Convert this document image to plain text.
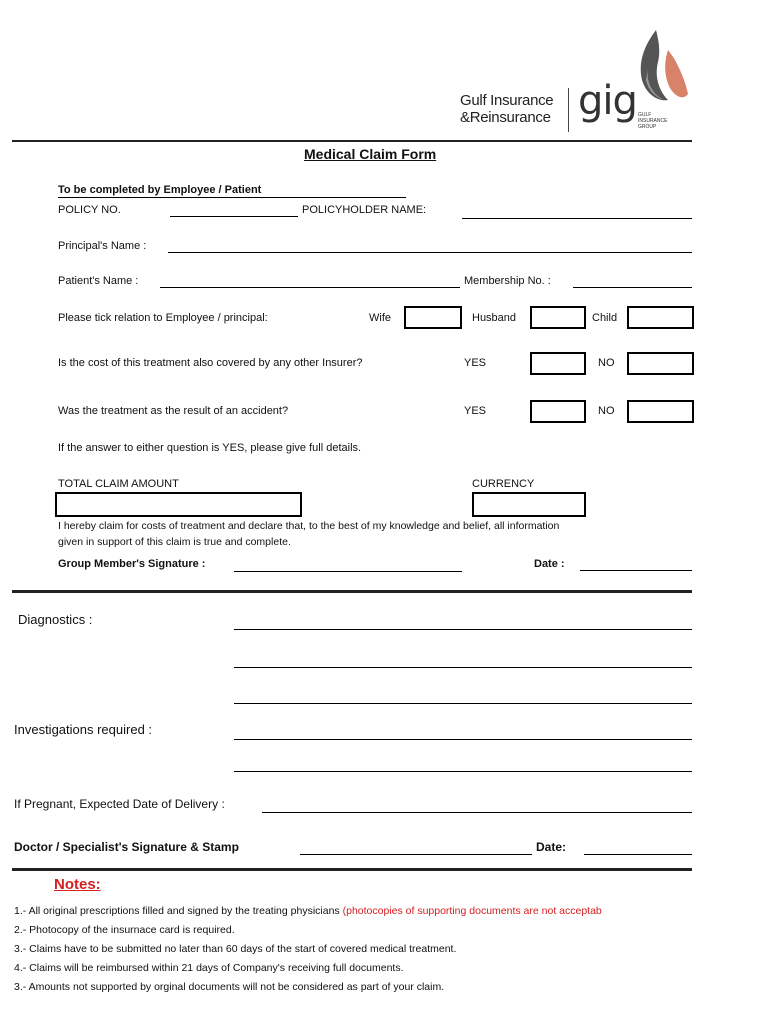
Gulf Insurance
&Reinsurance gig GULF
INSURANCE
GROUP
Medical Claim Form
To be completed by Employee / Patient
POLICY NO.	POLICYHOLDER NAME:
Principal's Name :
Patient's Name :	Membership No. :
Please tick relation to Employee / principal:	Wife	Husband	Child
Is the cost of this treatment also covered by any other Insurer?	YES	NO
Was the treatment as the result of an accident?	YES	NO
If the answer to either question is YES, please give full details.
TOTAL CLAIM AMOUNT	CURRENCY
I hereby claim for costs of treatment and declare that, to the best of my knowledge and belief, all information
given in support of this claim is true and complete.
Group Member's Signature :	Date :
Diagnostics :
Investigations required :
If Pregnant, Expected Date of Delivery :
Doctor / Specialist's Signature & Stamp	Date:
Notes:
1.- All original prescriptions filled and signed by the treating physicians (photocopies of supporting documents are not acceptab
2.- Photocopy of the insurnace card is required.
3.- Claims have to be submitted no later than 60 days of the start of covered medical treatment.
4.- Claims will be reimbursed within 21 days of Company's receiving full documents.
3.- Amounts not supported by orginal documents will not be considered as part of your claim.
